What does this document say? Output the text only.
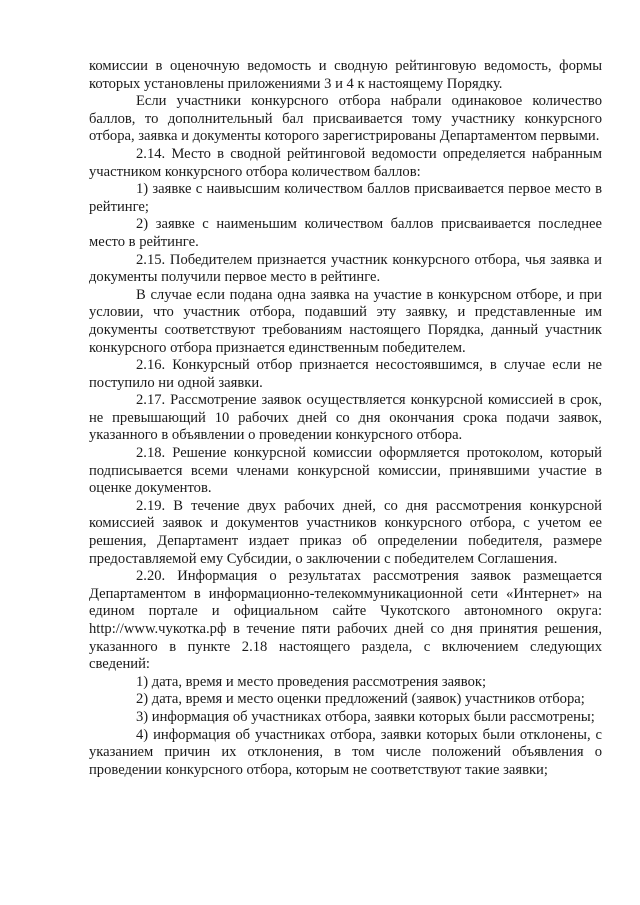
комиссии в оценочную ведомость и сводную рейтинговую ведомость, формы которых установлены приложениями 3 и 4 к настоящему Порядку.

Если участники конкурсного отбора набрали одинаковое количество баллов, то дополнительный бал присваивается тому участнику конкурсного отбора, заявка и документы которого зарегистрированы Департаментом первыми.

2.14. Место в сводной рейтинговой ведомости определяется набранным участником конкурсного отбора количеством баллов:

1) заявке с наивысшим количеством баллов присваивается первое место в рейтинге;

2) заявке с наименьшим количеством баллов присваивается последнее место в рейтинге.

2.15. Победителем признается участник конкурсного отбора, чья заявка и документы получили первое место в рейтинге.

В случае если подана одна заявка на участие в конкурсном отборе, и при условии, что участник отбора, подавший эту заявку, и представленные им документы соответствуют требованиям настоящего Порядка, данный участник конкурсного отбора признается единственным победителем.

2.16. Конкурсный отбор признается несостоявшимся, в случае если не поступило ни одной заявки.

2.17. Рассмотрение заявок осуществляется конкурсной комиссией в срок, не превышающий 10 рабочих дней со дня окончания срока подачи заявок, указанного в объявлении о проведении конкурсного отбора.

2.18. Решение конкурсной комиссии оформляется протоколом, который подписывается всеми членами конкурсной комиссии, принявшими участие в оценке документов.

2.19. В течение двух рабочих дней, со дня рассмотрения конкурсной комиссией заявок и документов участников конкурсного отбора, с учетом ее решения, Департамент издает приказ об определении победителя, размере предоставляемой ему Субсидии, о заключении с победителем Соглашения.

2.20. Информация о результатах рассмотрения заявок размещается Департаментом в информационно-телекоммуникационной сети «Интернет» на едином портале и официальном сайте Чукотского автономного округа: http://www.чукотка.рф в течение пяти рабочих дней со дня принятия решения, указанного в пункте 2.18 настоящего раздела, с включением следующих сведений:

1) дата, время и место проведения рассмотрения заявок;

2) дата, время и место оценки предложений (заявок) участников отбора;

3) информация об участниках отбора, заявки которых были рассмотрены;

4) информация об участниках отбора, заявки которых были отклонены, с указанием причин их отклонения, в том числе положений объявления о проведении конкурсного отбора, которым не соответствуют такие заявки;
